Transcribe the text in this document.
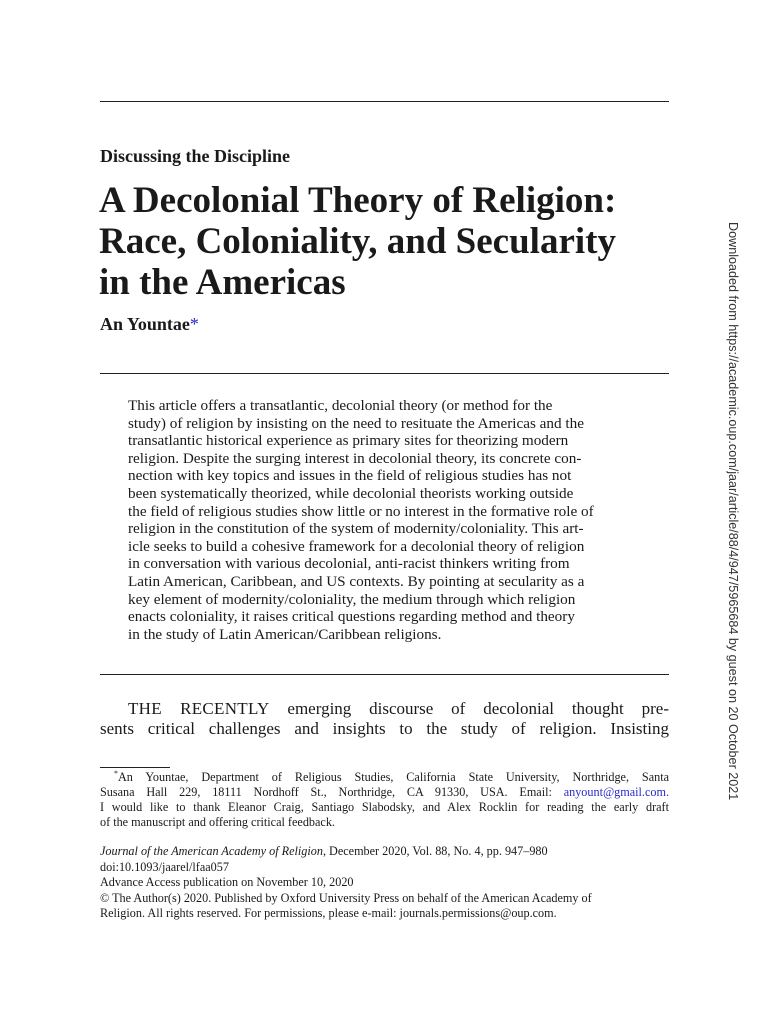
Discussing the Discipline
A Decolonial Theory of Religion:
Race, Coloniality, and Secularity
in the Americas
An Yountae*
This article offers a transatlantic, decolonial theory (or method for the
study) of religion by insisting on the need to resituate the Americas and the
transatlantic historical experience as primary sites for theorizing modern
religion. Despite the surging interest in decolonial theory, its concrete con-
nection with key topics and issues in the field of religious studies has not
been systematically theorized, while decolonial theorists working outside
the field of religious studies show little or no interest in the formative role of
religion in the constitution of the system of modernity/coloniality. This art-
icle seeks to build a cohesive framework for a decolonial theory of religion
in conversation with various decolonial, anti-racist thinkers writing from
Latin American, Caribbean, and US contexts. By pointing at secularity as a
key element of modernity/coloniality, the medium through which religion
enacts coloniality, it raises critical questions regarding method and theory
in the study of Latin American/Caribbean religions.
THE RECENTLY emerging discourse of decolonial thought pre-
sents critical challenges and insights to the study of religion. Insisting
*An Yountae, Department of Religious Studies, California State University, Northridge, Santa
Susana Hall 229, 18111 Nordhoff St., Northridge, CA 91330, USA. Email: anyount@gmail.com.
I would like to thank Eleanor Craig, Santiago Slabodsky, and Alex Rocklin for reading the early draft
of the manuscript and offering critical feedback.
Journal of the American Academy of Religion, December 2020, Vol. 88, No. 4, pp. 947–980
doi:10.1093/jaarel/lfaa057
Advance Access publication on November 10, 2020
© The Author(s) 2020. Published by Oxford University Press on behalf of the American Academy of
Religion. All rights reserved. For permissions, please e-mail: journals.permissions@oup.com.
Downloaded from https://academic.oup.com/jaar/article/88/4/947/5965684 by guest on 20 October 2021
